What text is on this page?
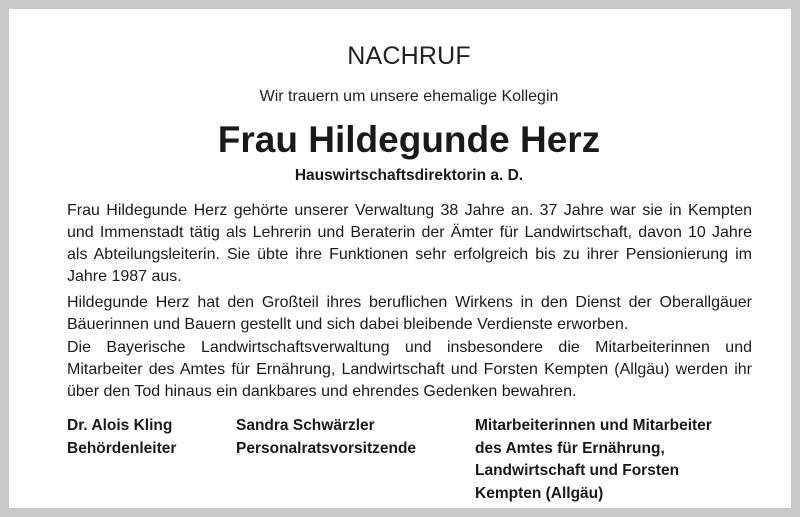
NACHRUF
Wir trauern um unsere ehemalige Kollegin
Frau Hildegunde Herz
Hauswirtschaftsdirektorin a. D.
Frau Hildegunde Herz gehörte unserer Verwaltung 38 Jahre an. 37 Jahre war sie in Kempten und Immenstadt tätig als Lehrerin und Beraterin der Ämter für Landwirtschaft, davon 10 Jahre als Abteilungsleiterin. Sie übte ihre Funktionen sehr erfolgreich bis zu ihrer Pensionierung im Jahre 1987 aus.
Hildegunde Herz hat den Großteil ihres beruflichen Wirkens in den Dienst der Oberallgäuer Bäuerinnen und Bauern gestellt und sich dabei bleibende Verdienste erworben.
Die Bayerische Landwirtschaftsverwaltung und insbesondere die Mitarbeiterinnen und Mitarbeiter des Amtes für Ernährung, Landwirtschaft und Forsten Kempten (Allgäu) werden ihr über den Tod hinaus ein dankbares und ehrendes Gedenken bewahren.
Dr. Alois Kling
Behördenleiter
Sandra Schwärzler
Personalratsvorsitzende
Mitarbeiterinnen und Mitarbeiter
des Amtes für Ernährung,
Landwirtschaft und Forsten
Kempten (Allgäu)
